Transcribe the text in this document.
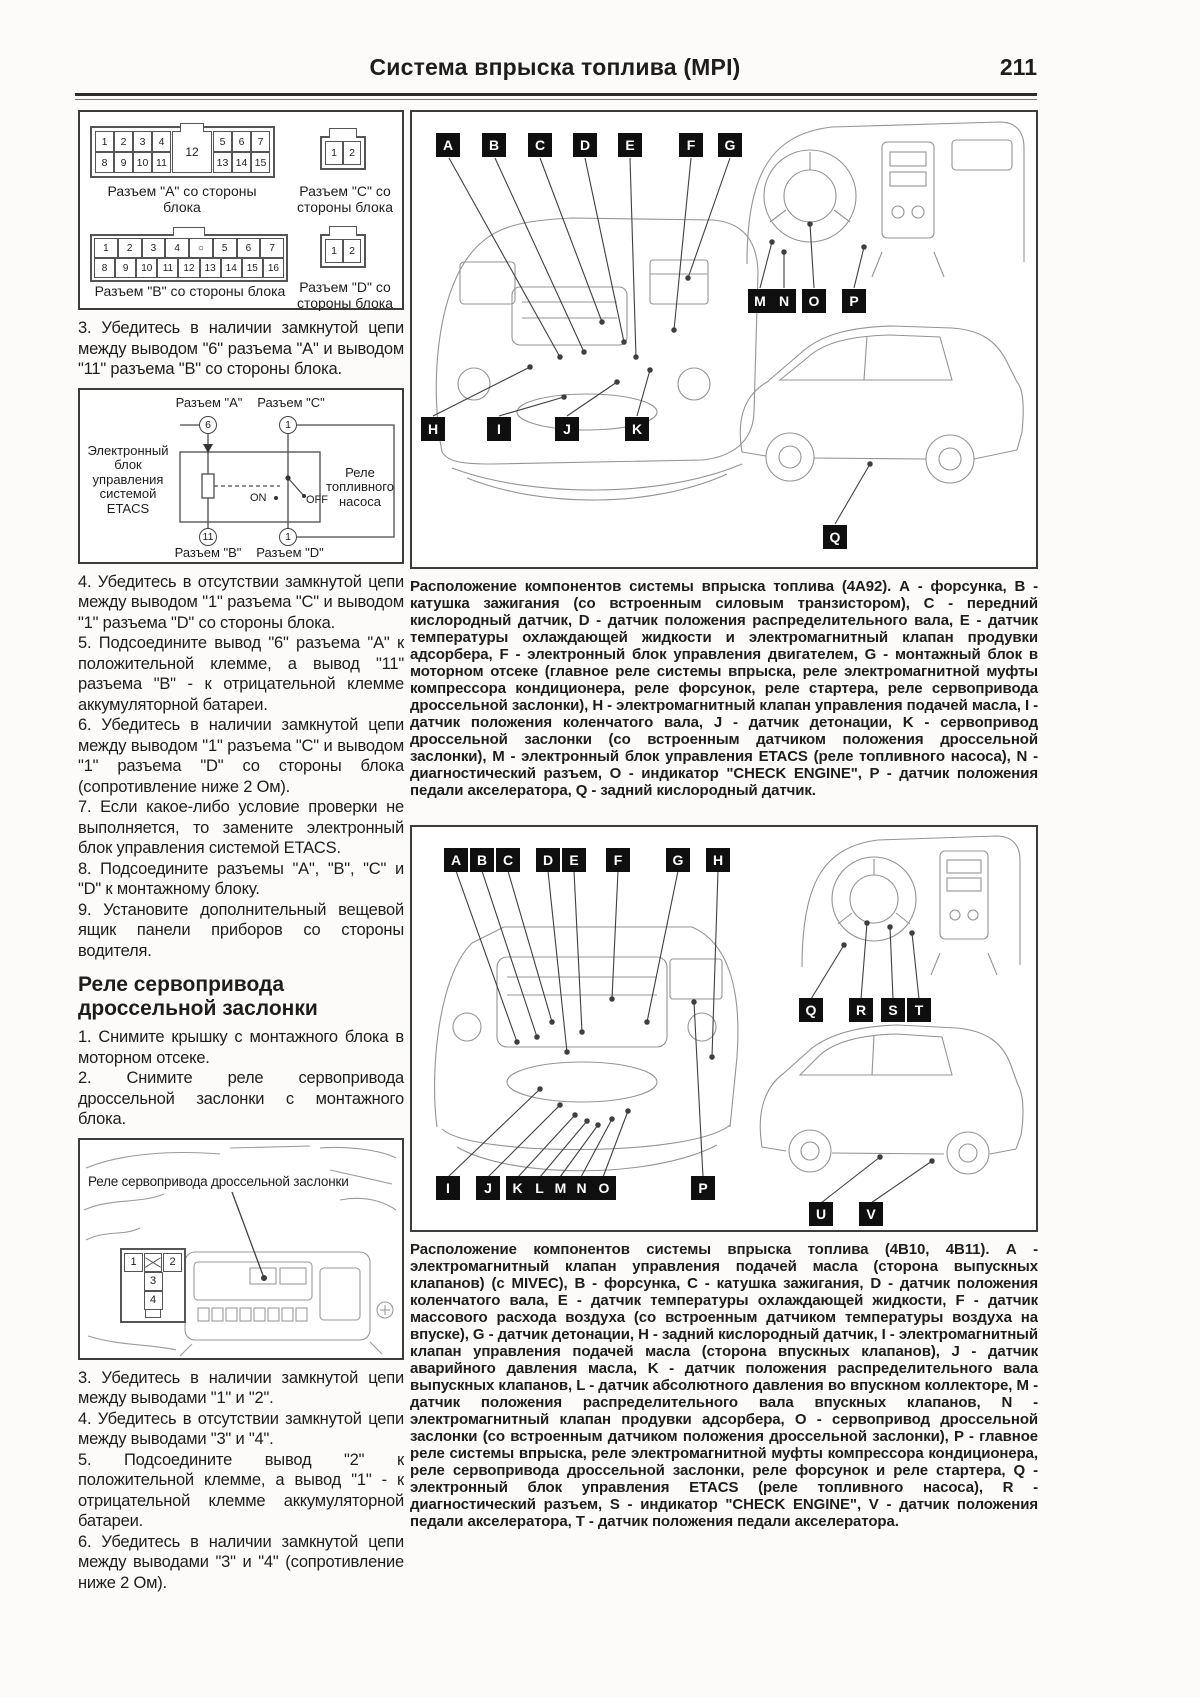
Система впрыска топлива (MPI)	211
1	2	3	4
8	9 10 11
12
5	6	7
13 14 15
Разъем "А" со стороны блока
1	2
Разъем "С" со стороны блока
1	2	3	4	○	5	6	7
8	9	10	11	12 13 14 15 16
Разъем "В" со стороны блока
1	2
Разъем "D" со стороны блока

3. Убедитесь в наличии замкнутой цепи между выводом "6" разъема "А" и выводом "11" разъема "В" со стороны блока.

Разъем "А"	Разъем "С"
6	1
Электронный блок управления системой ETACS
Реле топливного насоса
ON	OFF
11	1
Разъем "В"	Разъем "D"

4. Убедитесь в отсутствии замкнутой цепи между выводом "1" разъема "С" и выводом "1" разъема "D" со стороны блока.

5. Подсоедините вывод "6" разъема "А" к положительной клемме, а вывод "11" разъема "В" - к отрицательной клемме аккумуляторной батареи.

6. Убедитесь в наличии замкнутой цепи между выводом "1" разъема "С" и выводом "1" разъема "D" со стороны блока (сопротивление ниже 2 Ом).

7. Если какое-либо условие проверки не выполняется, то замените электронный блок управления системой ETACS.

8. Подсоедините разъемы "А", "В", "С" и "D" к монтажному блоку.

9. Установите дополнительный вещевой ящик панели приборов со стороны водителя.

Реле сервопривода дроссельной заслонки

1. Снимите крышку с монтажного блока в моторном отсеке.

2. Снимите реле сервопривода дроссельной заслонки с монтажного блока.

Реле сервопривода дроссельной заслонки
1	2
3
4

3. Убедитесь в наличии замкнутой цепи между выводами "1" и "2".

4. Убедитесь в отсутствии замкнутой цепи между выводами "3" и "4".

5. Подсоедините вывод "2" к положительной клемме, а вывод "1" - к отрицательной клемме аккумуляторной батареи.

6. Убедитесь в наличии замкнутой цепи между выводами "3" и "4" (сопротивление ниже 2 Ом).

A	B	C	D	E	F	G
M N	O	P
H	I	J	K
Q

Расположение компонентов системы впрыска топлива (4А92). А - форсунка, В - катушка зажигания (со встроенным силовым транзистором), С - передний кислородный датчик, D - датчик положения распределительного вала, Е - датчик температуры охлаждающей жидкости и электромагнитный клапан продувки адсорбера, F - электронный блок управления двигателем, G - монтажный блок в моторном отсеке (главное реле системы впрыска, реле электромагнитной муфты компрессора кондиционера, реле форсунок, реле стартера, реле сервопривода дроссельной заслонки), H - электромагнитный клапан управления подачей масла, I - датчик положения коленчатого вала, J - датчик детонации, K - сервопривод дроссельной заслонки (со встроенным датчиком положения дроссельной заслонки), M - электронный блок управления ETACS (реле топливного насоса), N - диагностический разъем, O - индикатор "CHECK ENGINE", P - датчик положения педали акселератора, Q - задний кислородный датчик.

A	B	C	D	E	F	G	H
Q	R	S	T
I	J	K L M N O	P
U	V

Расположение компонентов системы впрыска топлива (4В10, 4В11). А - электромагнитный клапан управления подачей масла (сторона выпускных клапанов) (с MIVEC), В - форсунка, С - катушка зажигания, D - датчик положения коленчатого вала, Е - датчик температуры охлаждающей жидкости, F - датчик массового расхода воздуха (со встроенным датчиком температуры воздуха на впуске), G - датчик детонации, H - задний кислородный датчик, I - электромагнитный клапан управления подачей масла (сторона впускных клапанов), J - датчик аварийного давления масла, K - датчик положения распределительного вала выпускных клапанов, L - датчик абсолютного давления во впускном коллекторе, M - датчик положения распределительного вала впускных клапанов, N - электромагнитный клапан продувки адсорбера, O - сервопривод дроссельной заслонки (со встроенным датчиком положения дроссельной заслонки), P - главное реле системы впрыска, реле электромагнитной муфты компрессора кондиционера, реле сервопривода дроссельной заслонки, реле форсунок и реле стартера, Q - электронный блок управления ETACS (реле топливного насоса), R - диагностический разъем, S - индикатор "CHECK ENGINE", V - датчик положения педали акселератора, T - датчик положения педали акселератора.
